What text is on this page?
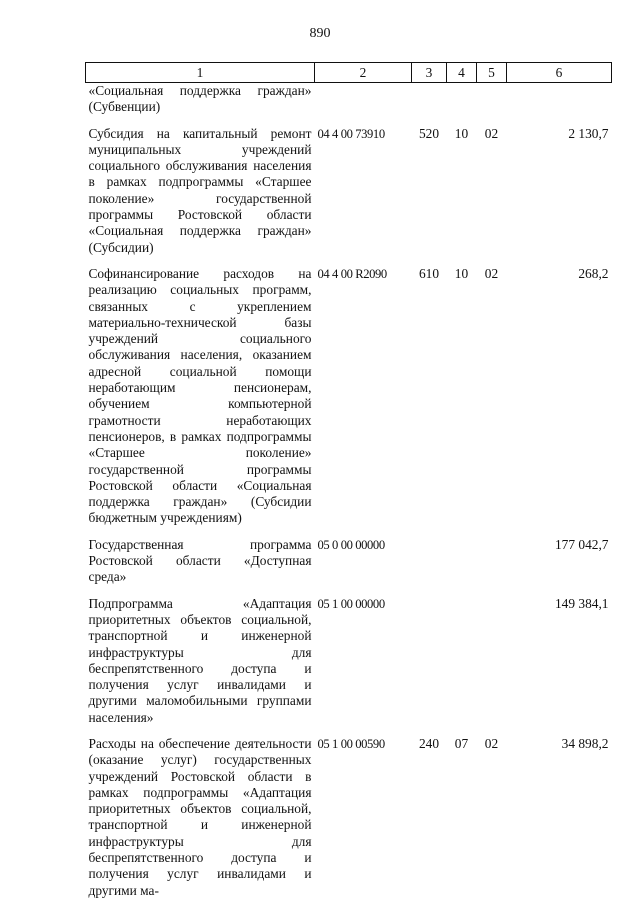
890
1	2	3	4	5	6
«Социальная поддержка граждан» (Субвенции)					
Субсидия на капитальный ремонт муниципальных учреждений социального обслуживания населения в рамках подпрограммы «Старшее поколение» государственной программы Ростовской области «Социальная поддержка граждан» (Субсидии)	04 4 00 73910	520	10	02	2 130,7
Софинансирование расходов на реализацию социальных программ, связанных с укреплением материально-технической базы учреждений социального обслуживания населения, оказанием адресной социальной помощи неработающим пенсионерам, обучением компьютерной грамотности неработающих пенсионеров, в рамках подпрограммы «Старшее поколение» государственной программы Ростовской области «Социальная поддержка граждан» (Субсидии бюджетным учреждениям)	04 4 00 R2090	610	10	02	268,2
Государственная программа Ростовской области «Доступная среда»	05 0 00 00000				177 042,7
Подпрограмма «Адаптация приоритетных объектов социальной, транспортной и инженерной инфраструктуры для беспрепятственного доступа и получения услуг инвалидами и другими маломобильными группами населения»	05 1 00 00000				149 384,1
Расходы на обеспечение деятельности (оказание услуг) государственных учреждений Ростовской области в рамках подпрограммы «Адаптация приоритетных объектов социальной, транспортной и инженерной инфраструктуры для беспрепятственного доступа и получения услуг инвалидами и другими ма-	05 1 00 00590	240	07	02	34 898,2
